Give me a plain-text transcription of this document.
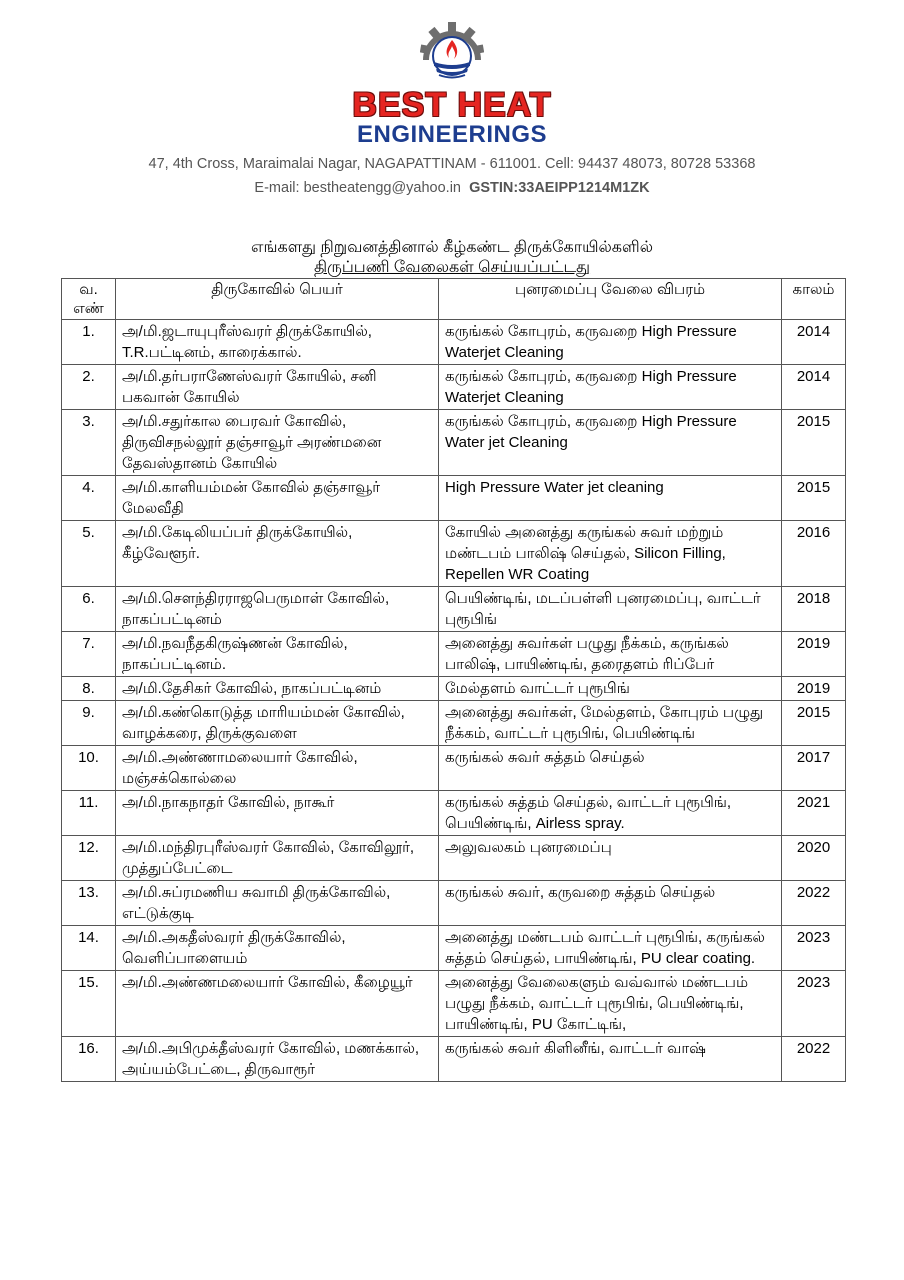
BEST HEAT
ENGINEERINGS
47, 4th Cross, Maraimalai Nagar, NAGAPATTINAM - 611001. Cell: 94437 48073, 80728 53368
E-mail: bestheatengg@yahoo.in GSTIN:33AEIPP1214M1ZK
எங்களது நிறுவனத்தினால் கீழ்கண்ட திருக்கோயில்களில்
திருப்பணி வேலைகள் செய்யப்பட்டது
வ. எண்	திருகோவில் பெயர்	புனரமைப்பு வேலை விபரம்	காலம்
1.	அ/மி.ஜடாயுபுரீஸ்வரர் திருக்கோயில், T.R.பட்டினம், காரைக்கால்.	கருங்கல் கோபுரம், கருவறை High Pressure Waterjet Cleaning	2014
2.	அ/மி.தர்பராணேஸ்வரர் கோயில், சனி பகவான் கோயில்	கருங்கல் கோபுரம், கருவறை High Pressure Waterjet Cleaning	2014
3.	அ/மி.சதுர்கால பைரவர் கோவில், திருவிசநல்லூர் தஞ்சாவூர் அரண்மனை தேவஸ்தானம் கோயில்	கருங்கல் கோபுரம், கருவறை High Pressure Water jet Cleaning	2015
4.	அ/மி.காளியம்மன் கோவில் தஞ்சாவூர் மேலவீதி	High Pressure Water jet cleaning	2015
5.	அ/மி.கேடிலியப்பர் திருக்கோயில், கீழ்வேளூர்.	கோயில் அனைத்து கருங்கல் சுவர் மற்றும் மண்டபம் பாலிஷ் செய்தல், Silicon Filling, Repellen WR Coating	2016
6.	அ/மி.சௌந்திரராஜபெருமாள் கோவில், நாகப்பட்டினம்	பெயிண்டிங், மடப்பள்ளி புனரமைப்பு, வாட்டர் புரூபிங்	2018
7.	அ/மி.நவநீதகிருஷ்ணன் கோவில், நாகப்பட்டினம்.	அனைத்து சுவர்கள் பழுது நீக்கம், கருங்கல் பாலிஷ், பாயிண்டிங், தரைதளம் ரிப்பேர்	2019
8.	அ/மி.தேசிகர் கோவில், நாகப்பட்டினம்	மேல்தளம் வாட்டர் புரூபிங்	2019
9.	அ/மி.கண்கொடுத்த மாரியம்மன் கோவில், வாழக்கரை, திருக்குவளை	அனைத்து சுவர்கள், மேல்தளம், கோபுரம் பழுது நீக்கம், வாட்டர் புரூபிங், பெயிண்டிங்	2015
10.	அ/மி.அண்ணாமலையார் கோவில், மஞ்சக்கொல்லை	கருங்கல் சுவர் சுத்தம் செய்தல்	2017
11.	அ/மி.நாகநாதர் கோவில், நாகூர்	கருங்கல் சுத்தம் செய்தல், வாட்டர் புரூபிங், பெயிண்டிங், Airless spray.	2021
12.	அ/மி.மந்திரபுரீஸ்வரர் கோவில், கோவிலூர், முத்துப்பேட்டை	அலுவலகம் புனரமைப்பு	2020
13.	அ/மி.சுப்ரமணிய சுவாமி திருக்கோவில், எட்டுக்குடி	கருங்கல் சுவர், கருவறை சுத்தம் செய்தல்	2022
14.	அ/மி.அகதீஸ்வரர் திருக்கோவில், வெளிப்பாளையம்	அனைத்து மண்டபம் வாட்டர் புரூபிங், கருங்கல் சுத்தம் செய்தல், பாயிண்டிங், PU clear coating.	2023
15.	அ/மி.அண்ணமலையார் கோவில், கீழையூர்	அனைத்து வேலைகளும் வவ்வால் மண்டபம் பழுது நீக்கம், வாட்டர் புரூபிங், பெயிண்டிங், பாயிண்டிங், PU கோட்டிங்,	2023
16.	அ/மி.அபிமுக்தீஸ்வரர் கோவில், மணக்கால், அய்யம்பேட்டை, திருவாரூர்	கருங்கல் சுவர் கிளினீங், வாட்டர் வாஷ்	2022
